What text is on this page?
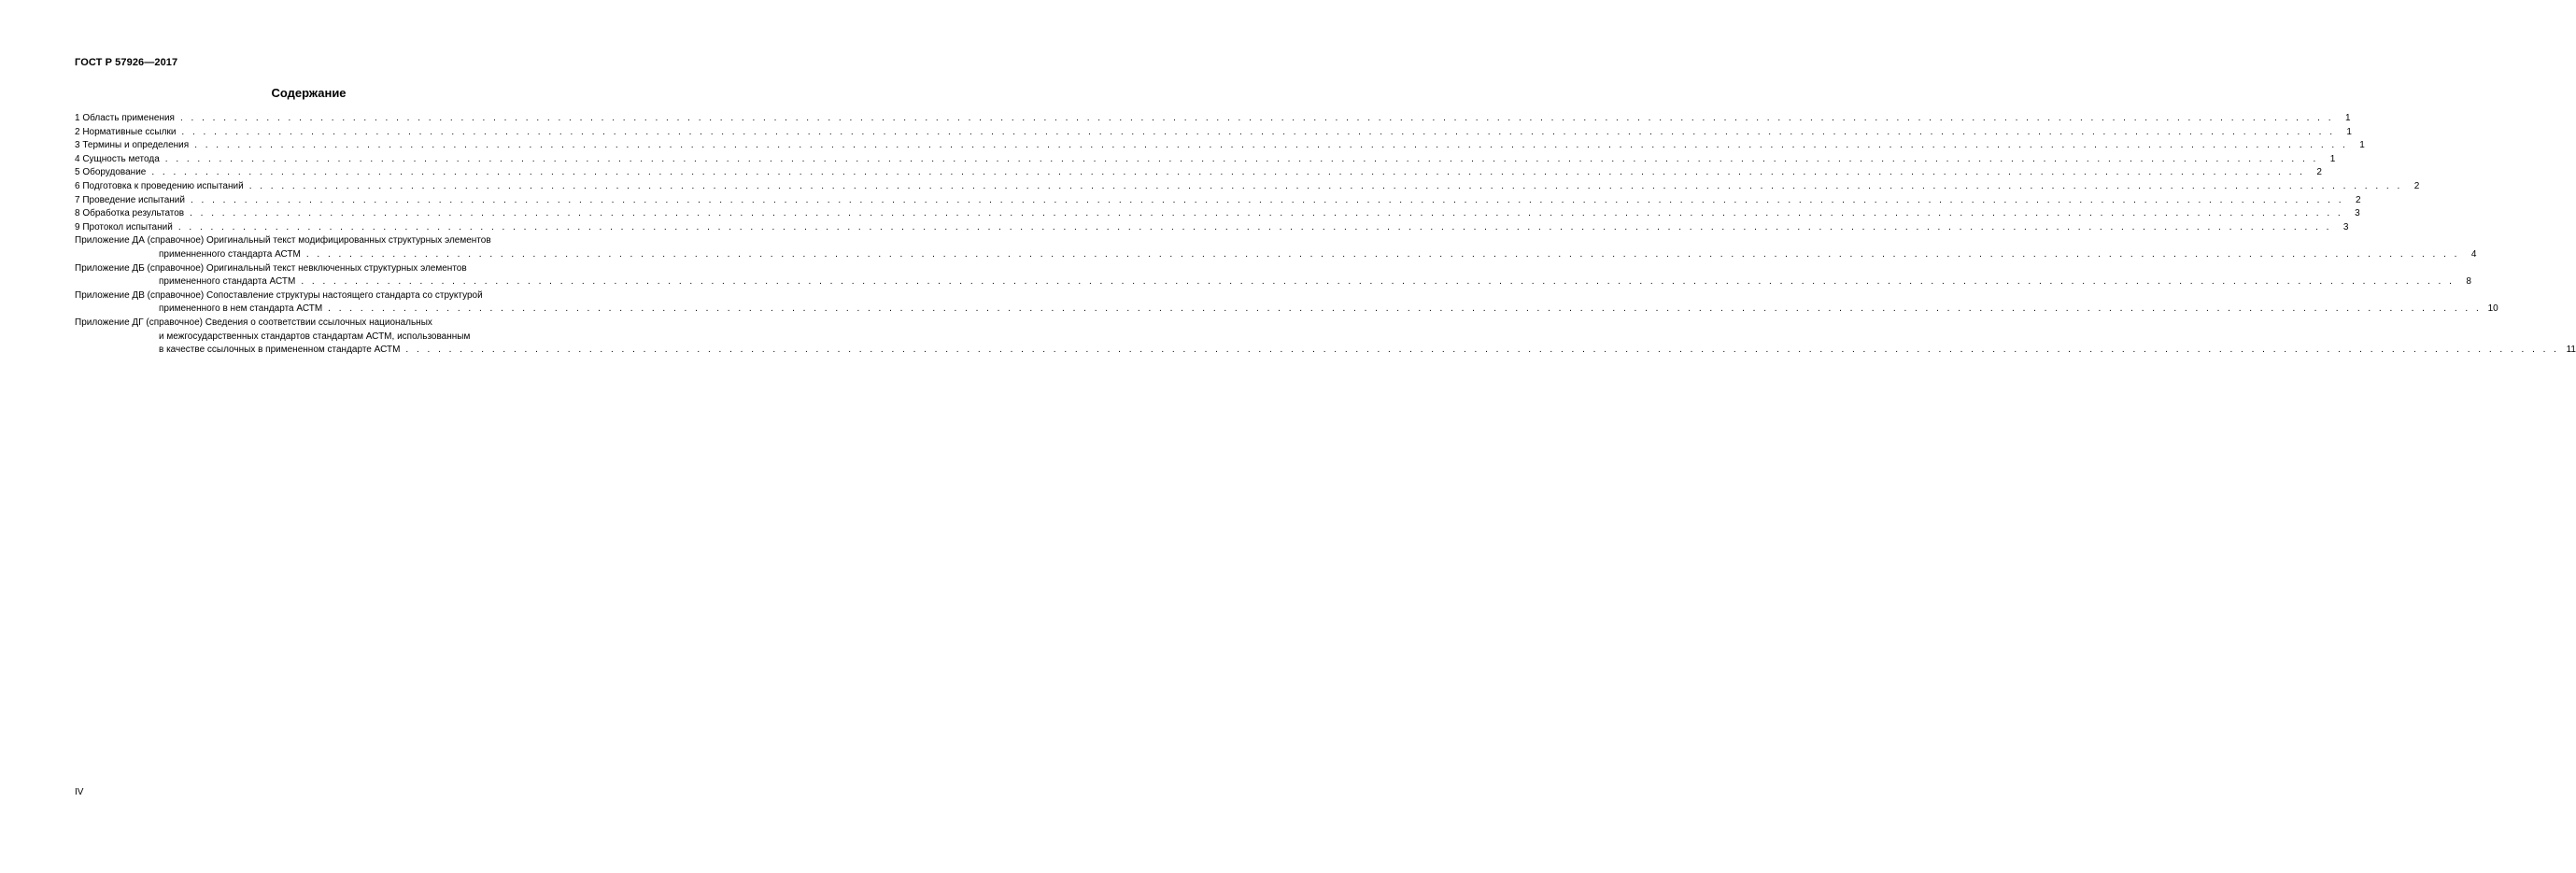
ГОСТ Р 57926—2017
Содержание
1 Область применения . . . . . . . . . . . . . . . . . . . . . . . . . . . . . . . . . . . . . . . . . . . . . . . . . . . . . . . . . . . . . . . . . . . . . . . . . . . . . . . . . . . . . . . . . . . . . . . . . . . . . . . . . . . . . . . . . . . . . . . . . . . . . . . . . . . . . . . . . . . . . . . . . . . . . . . . . . . . . . . . . . . . . . . . . . . . . . . . . . . . . . . . . . . . . . . . . . . . . . . .	1
2 Нормативные ссылки . . . . . . . . . . . . . . . . . . . . . . . . . . . . . . . . . . . . . . . . . . . . . . . . . . . . . . . . . . . . . . . . . . . . . . . . . . . . . . . . . . . . . . . . . . . . . . . . . . . . . . . . . . . . . . . . . . . . . . . . . . . . . . . . . . . . . . . . . . . . . . . . . . . . . . . . . . . . . . . . . . . . . . . . . . . . . . . . . . . . . . . . . . . . . . . . . . . . . . . .	1
3 Термины и определения . . . . . . . . . . . . . . . . . . . . . . . . . . . . . . . . . . . . . . . . . . . . . . . . . . . . . . . . . . . . . . . . . . . . . . . . . . . . . . . . . . . . . . . . . . . . . . . . . . . . . . . . . . . . . . . . . . . . . . . . . . . . . . . . . . . . . . . . . . . . . . . . . . . . . . . . . . . . . . . . . . . . . . . . . . . . . . . . . . . . . . . . . . . . . . . . . . . . . . . .	1
4 Сущность метода . . . . . . . . . . . . . . . . . . . . . . . . . . . . . . . . . . . . . . . . . . . . . . . . . . . . . . . . . . . . . . . . . . . . . . . . . . . . . . . . . . . . . . . . . . . . . . . . . . . . . . . . . . . . . . . . . . . . . . . . . . . . . . . . . . . . . . . . . . . . . . . . . . . . . . . . . . . . . . . . . . . . . . . . . . . . . . . . . . . . . . . . . . . . . . . . . . . . . . . .	1
5 Оборудование . . . . . . . . . . . . . . . . . . . . . . . . . . . . . . . . . . . . . . . . . . . . . . . . . . . . . . . . . . . . . . . . . . . . . . . . . . . . . . . . . . . . . . . . . . . . . . . . . . . . . . . . . . . . . . . . . . . . . . . . . . . . . . . . . . . . . . . . . . . . . . . . . . . . . . . . . . . . . . . . . . . . . . . . . . . . . . . . . . . . . . . . . . . . . . . . . . . . . . . .	2
6 Подготовка к проведению испытаний . . . . . . . . . . . . . . . . . . . . . . . . . . . . . . . . . . . . . . . . . . . . . . . . . . . . . . . . . . . . . . . . . . . . . . . . . . . . . . . . . . . . . . . . . . . . . . . . . . . . . . . . . . . . . . . . . . . . . . . . . . . . . . . . . . . . . . . . . . . . . . . . . . . . . . . . . . . . . . . . . . . . . . . . . . . . . . . . . . . . . . . . . . . . . . . . . . . . . . . .	2
7 Проведение испытаний . . . . . . . . . . . . . . . . . . . . . . . . . . . . . . . . . . . . . . . . . . . . . . . . . . . . . . . . . . . . . . . . . . . . . . . . . . . . . . . . . . . . . . . . . . . . . . . . . . . . . . . . . . . . . . . . . . . . . . . . . . . . . . . . . . . . . . . . . . . . . . . . . . . . . . . . . . . . . . . . . . . . . . . . . . . . . . . . . . . . . . . . . . . . . . . . . . . . . . . .	2
8 Обработка результатов . . . . . . . . . . . . . . . . . . . . . . . . . . . . . . . . . . . . . . . . . . . . . . . . . . . . . . . . . . . . . . . . . . . . . . . . . . . . . . . . . . . . . . . . . . . . . . . . . . . . . . . . . . . . . . . . . . . . . . . . . . . . . . . . . . . . . . . . . . . . . . . . . . . . . . . . . . . . . . . . . . . . . . . . . . . . . . . . . . . . . . . . . . . . . . . . . . . . . . . .	3
9 Протокол испытаний . . . . . . . . . . . . . . . . . . . . . . . . . . . . . . . . . . . . . . . . . . . . . . . . . . . . . . . . . . . . . . . . . . . . . . . . . . . . . . . . . . . . . . . . . . . . . . . . . . . . . . . . . . . . . . . . . . . . . . . . . . . . . . . . . . . . . . . . . . . . . . . . . . . . . . . . . . . . . . . . . . . . . . . . . . . . . . . . . . . . . . . . . . . . . . . . . . . . . . . .	3
Приложение ДА (справочное) Оригинальный текст модифицированных структурных элементов
применненного стандарта АСТМ . . . . . . . . . . . . . . . . . . . . . . . . . . . . . . . . . . . . . . . . . . . . . . . . . . . . . . . . . . . . . . . . . . . . . . . . . . . . . . . . . . . . . . . . . . . . . . . . . . . . . . . . . . . . . . . . . . . . . . . . . . . . . . . . . . . . . . . . . . . . . . . . . . . . . . . . . . . . . . . . . . . . . . . . . . . . . . . . . . . . . . . . . . . . . . . . . . . . . . . .	4
Приложение ДБ (справочное) Оригинальный текст невключенных структурных элементов
примененного стандарта АСТМ . . . . . . . . . . . . . . . . . . . . . . . . . . . . . . . . . . . . . . . . . . . . . . . . . . . . . . . . . . . . . . . . . . . . . . . . . . . . . . . . . . . . . . . . . . . . . . . . . . . . . . . . . . . . . . . . . . . . . . . . . . . . . . . . . . . . . . . . . . . . . . . . . . . . . . . . . . . . . . . . . . . . . . . . . . . . . . . . . . . . . . . . . . . . . . . . . . . . . . . .	8
Приложение ДВ (справочное) Сопоставление структуры настоящего стандарта со структурой
примененного в нем стандарта АСТМ . . . . . . . . . . . . . . . . . . . . . . . . . . . . . . . . . . . . . . . . . . . . . . . . . . . . . . . . . . . . . . . . . . . . . . . . . . . . . . . . . . . . . . . . . . . . . . . . . . . . . . . . . . . . . . . . . . . . . . . . . . . . . . . . . . . . . . . . . . . . . . . . . . . . . . . . . . . . . . . . . . . . . . . . . . . . . . . . . . . . . . . . . . . . . . . . . . . . . . . . 10
Приложение ДГ (справочное) Сведения о соответствии ссылочных национальных
и межгосударственных стандартов стандартам АСТМ, использованным
в качестве ссылочных в примененном стандарте АСТМ . . . . . . . . . . . . . . . . . . . . . . . . . . . . . . . . . . . . . . . . . . . . . . . . . . . . . . . . . . . . . . . . . . . . . . . . . . . . . . . . . . . . . . . . . . . . . . . . . . . . . . . . . . . . . . . . . . . . . . . . . . . . . . . . . . . . . . . . . . . . . . . . . . . . . . . . . . . . . . . . . . . . . . . . . . . . . . . . . . . . . . . . . . . . . . . . . . . . . . . . 11
IV
